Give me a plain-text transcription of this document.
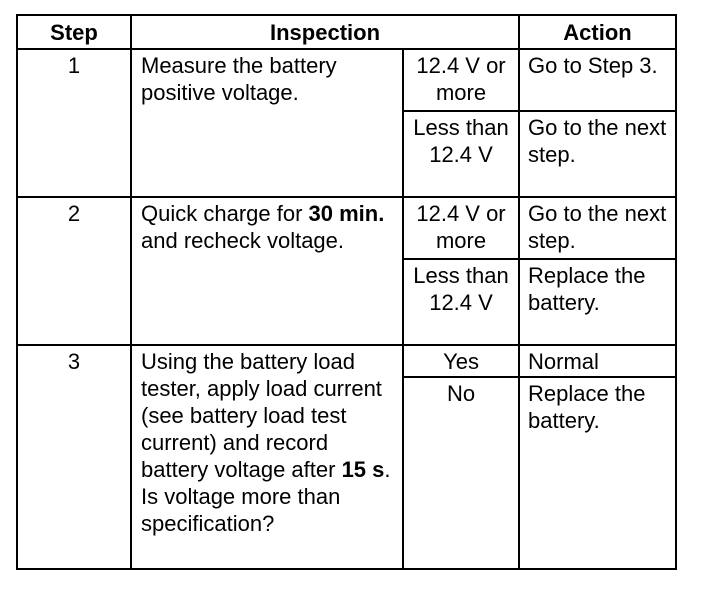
Step	Inspection		Action
1	Measure the battery positive voltage.	12.4 V or more	Go to Step 3.
		Less than 12.4 V	Go to the next step.
2	Quick charge for 30 min. and recheck voltage.	12.4 V or more	Go to the next step.
		Less than 12.4 V	Replace the battery.
3	Using the battery load tester, apply load current (see battery load test current) and record battery voltage after 15 s. Is voltage more than specification?	Yes	Normal
		No	Replace the battery.
